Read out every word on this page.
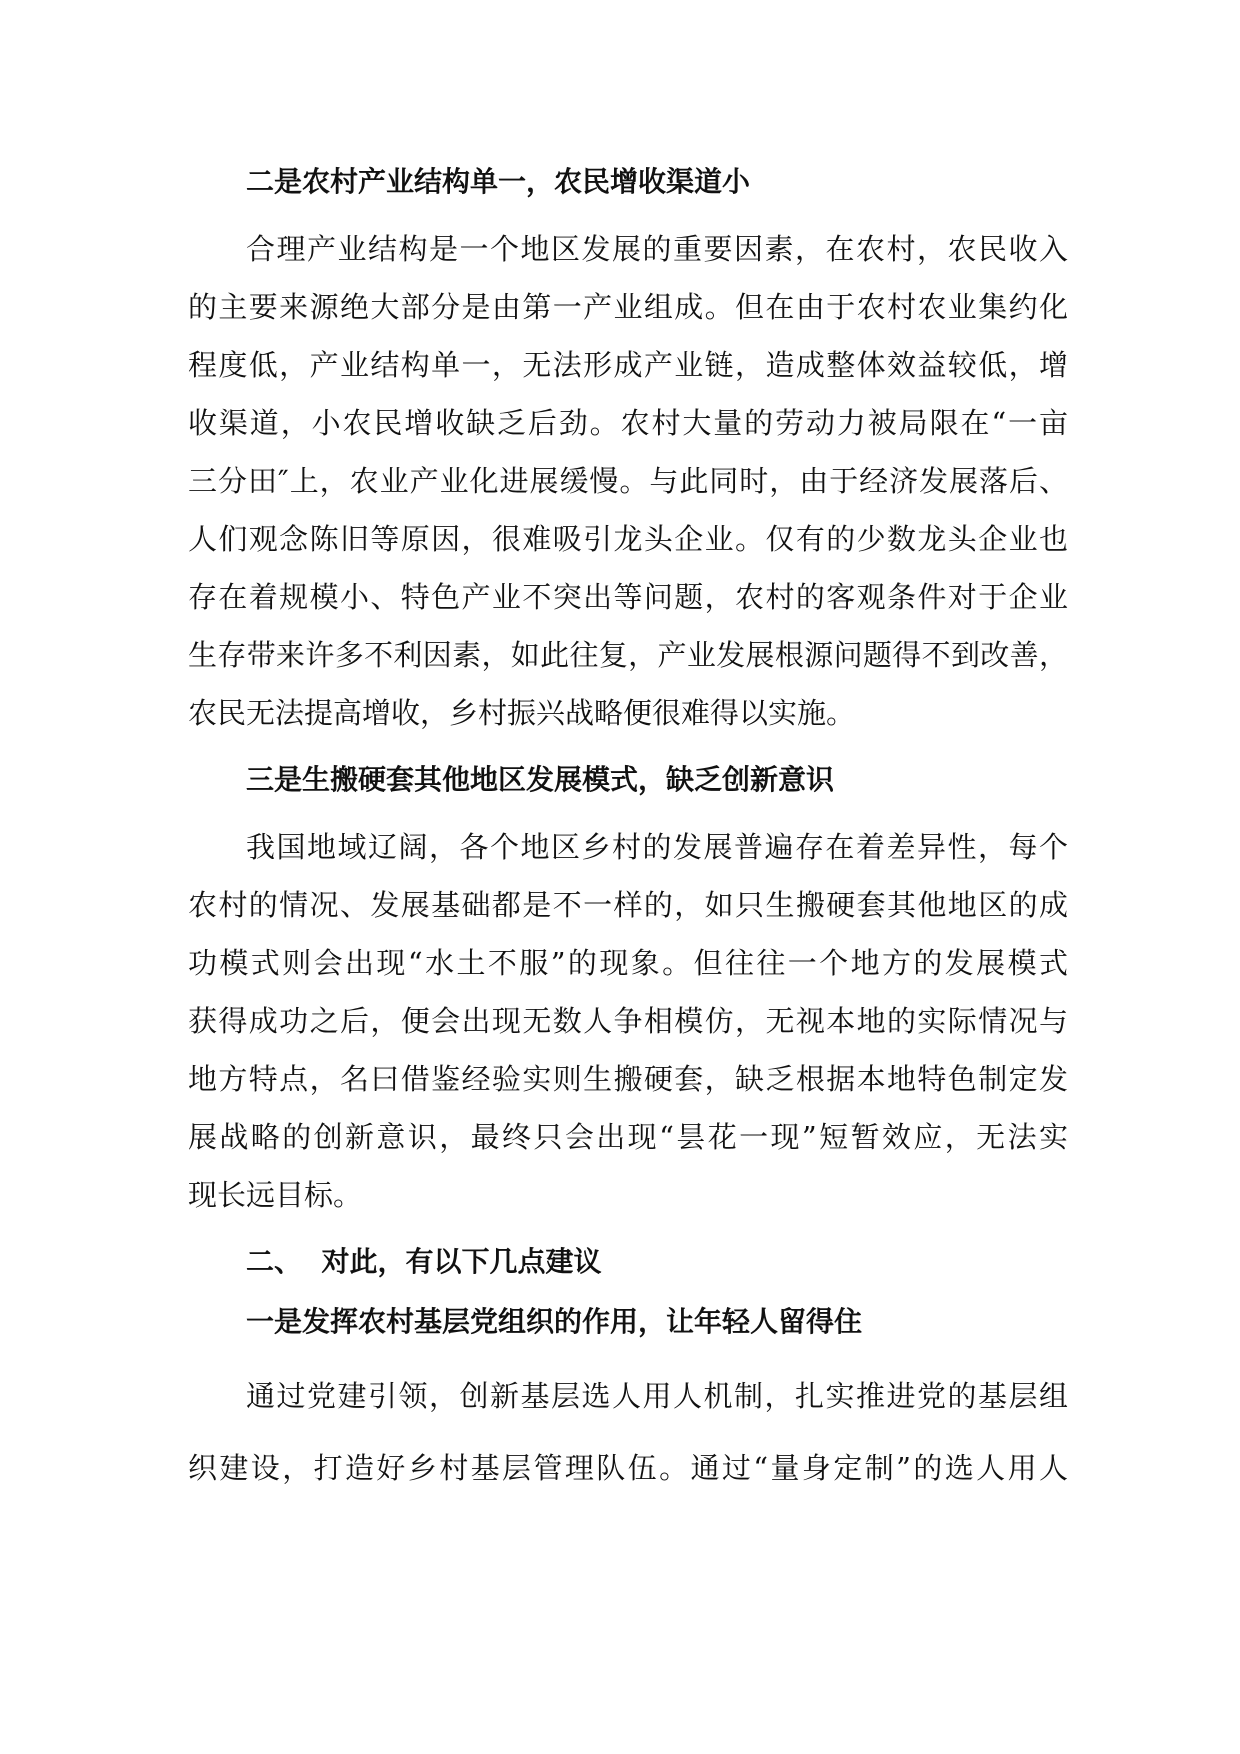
二是农村产业结构单一，农民增收渠道小
合理产业结构是一个地区发展的重要因素，在农村，农民收入
的主要来源绝大部分是由第一产业组成。但在由于农村农业集约化
程度低，产业结构单一，无法形成产业链，造成整体效益较低，增
收渠道，小农民增收缺乏后劲。农村大量的劳动力被局限在“一亩
三分田″上，农业产业化进展缓慢。与此同时，由于经济发展落后、
人们观念陈旧等原因，很难吸引龙头企业。仅有的少数龙头企业也
存在着规模小、特色产业不突出等问题，农村的客观条件对于企业
生存带来许多不利因素，如此往复，产业发展根源问题得不到改善，
农民无法提高增收，乡村振兴战略便很难得以实施。
三是生搬硬套其他地区发展模式，缺乏创新意识
我国地域辽阔，各个地区乡村的发展普遍存在着差异性，每个
农村的情况、发展基础都是不一样的，如只生搬硬套其他地区的成
功模式则会出现“水土不服”的现象。但往往一个地方的发展模式
获得成功之后，便会出现无数人争相模仿，无视本地的实际情况与
地方特点，名曰借鉴经验实则生搬硬套，缺乏根据本地特色制定发
展战略的创新意识，最终只会出现“昙花一现”短暂效应，无法实
现长远目标。
二、  对此，有以下几点建议
一是发挥农村基层党组织的作用，让年轻人留得住
通过党建引领，创新基层选人用人机制，扎实推进党的基层组
织建设，打造好乡村基层管理队伍。通过“量身定制”的选人用人
